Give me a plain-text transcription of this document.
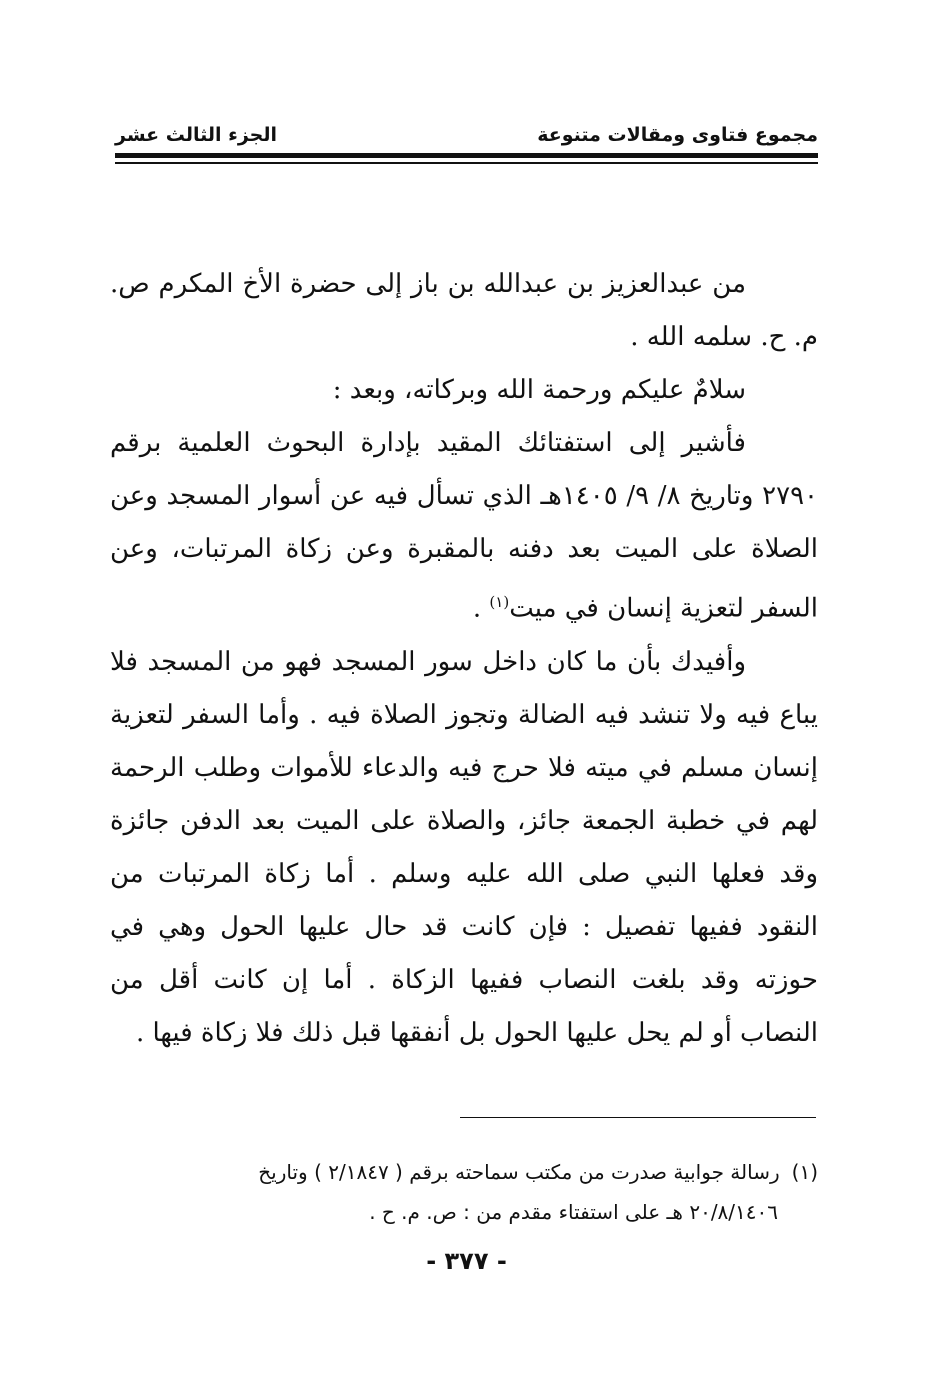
مجموع فتاوى ومقالات متنوعة
الجزء الثالث عشر

من عبدالعزيز بن عبدالله بن باز إلى حضرة الأخ المكرم ص. م. ح. سلمه الله .

سلامٌ عليكم ورحمة الله وبركاته، وبعد :

فأشير إلى استفتائك المقيد بإدارة البحوث العلمية برقم ٢٧٩٠ وتاريخ ٨/ ٩/ ١٤٠٥هـ الذي تسأل فيه عن أسوار المسجد وعن الصلاة على الميت بعد دفنه بالمقبرة وعن زكاة المرتبات، وعن السفر لتعزية إنسان في ميت$^{(١)}$ .

وأفيدك بأن ما كان داخل سور المسجد فهو من المسجد فلا يباع فيه ولا تنشد فيه الضالة وتجوز الصلاة فيه . وأما السفر لتعزية إنسان مسلم في ميته فلا حرج فيه والدعاء للأموات وطلب الرحمة لهم في خطبة الجمعة جائز، والصلاة على الميت بعد الدفن جائزة وقد فعلها النبي صلى الله عليه وسلم . أما زكاة المرتبات من النقود ففيها تفصيل : فإن كانت قد حال عليها الحول وهي في حوزته وقد بلغت النصاب ففيها الزكاة . أما إن كانت أقل من النصاب أو لم يحل عليها الحول بل أنفقها قبل ذلك فلا زكاة فيها .

(١)رسالة جوابية صدرت من مكتب سماحته برقم ( ٢/١٨٤٧ ) وتاريخ
٢٠/٨/١٤٠٦ هـ على استفتاء مقدم من : ص. م. ح .
- ٣٧٧ -
